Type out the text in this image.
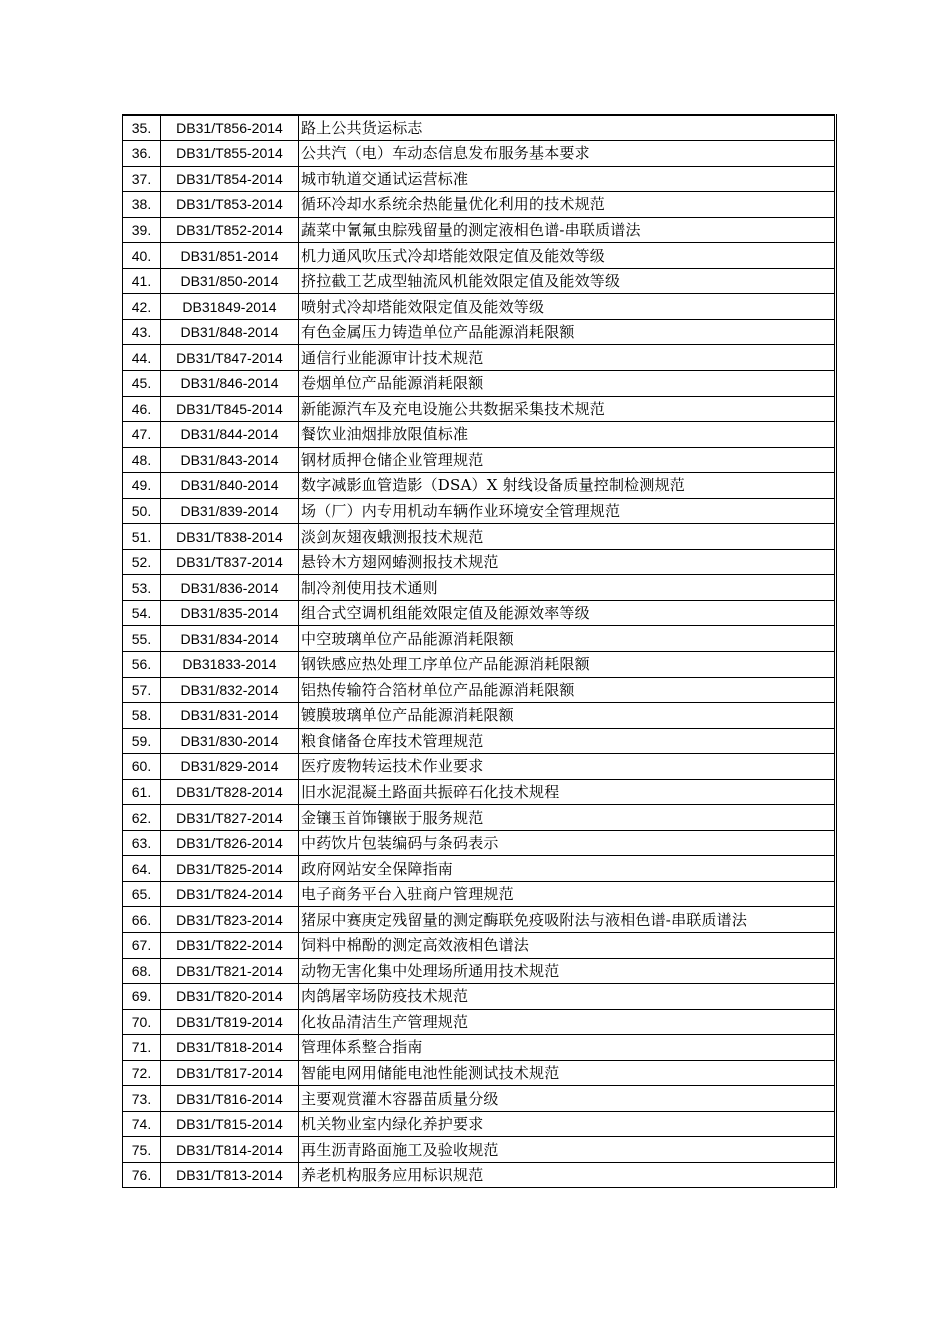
35.	DB31/T856-2014	路上公共货运标志
36.	DB31/T855-2014	公共汽（电）车动态信息发布服务基本要求
37.	DB31/T854-2014	城市轨道交通试运营标准
38.	DB31/T853-2014	循环冷却水系统余热能量优化利用的技术规范
39.	DB31/T852-2014	蔬菜中氰氟虫腙残留量的测定液相色谱-串联质谱法
40.	DB31/851-2014	机力通风吹压式冷却塔能效限定值及能效等级
41.	DB31/850-2014	挤拉截工艺成型轴流风机能效限定值及能效等级
42.	DB31849-2014	喷射式冷却塔能效限定值及能效等级
43.	DB31/848-2014	有色金属压力铸造单位产品能源消耗限额
44.	DB31/T847-2014	通信行业能源审计技术规范
45.	DB31/846-2014	卷烟单位产品能源消耗限额
46.	DB31/T845-2014	新能源汽车及充电设施公共数据采集技术规范
47.	DB31/844-2014	餐饮业油烟排放限值标准
48.	DB31/843-2014	钢材质押仓储企业管理规范
49.	DB31/840-2014	数字减影血管造影（DSA）X 射线设备质量控制检测规范
50.	DB31/839-2014	场（厂）内专用机动车辆作业环境安全管理规范
51.	DB31/T838-2014	淡剑灰翅夜蛾测报技术规范
52.	DB31/T837-2014	悬铃木方翅网蝽测报技术规范
53.	DB31/836-2014	制冷剂使用技术通则
54.	DB31/835-2014	组合式空调机组能效限定值及能源效率等级
55.	DB31/834-2014	中空玻璃单位产品能源消耗限额
56.	DB31833-2014	钢铁感应热处理工序单位产品能源消耗限额
57.	DB31/832-2014	铝热传输符合箔材单位产品能源消耗限额
58.	DB31/831-2014	镀膜玻璃单位产品能源消耗限额
59.	DB31/830-2014	粮食储备仓库技术管理规范
60.	DB31/829-2014	医疗废物转运技术作业要求
61.	DB31/T828-2014	旧水泥混凝土路面共振碎石化技术规程
62.	DB31/T827-2014	金镶玉首饰镶嵌于服务规范
63.	DB31/T826-2014	中药饮片包装编码与条码表示
64.	DB31/T825-2014	政府网站安全保障指南
65.	DB31/T824-2014	电子商务平台入驻商户管理规范
66.	DB31/T823-2014	猪尿中赛庚定残留量的测定酶联免疫吸附法与液相色谱-串联质谱法
67.	DB31/T822-2014	饲料中棉酚的测定高效液相色谱法
68.	DB31/T821-2014	动物无害化集中处理场所通用技术规范
69.	DB31/T820-2014	肉鸽屠宰场防疫技术规范
70.	DB31/T819-2014	化妆品清洁生产管理规范
71.	DB31/T818-2014	管理体系整合指南
72.	DB31/T817-2014	智能电网用储能电池性能测试技术规范
73.	DB31/T816-2014	主要观赏灌木容器苗质量分级
74.	DB31/T815-2014	机关物业室内绿化养护要求
75.	DB31/T814-2014	再生沥青路面施工及验收规范
76.	DB31/T813-2014	养老机构服务应用标识规范
